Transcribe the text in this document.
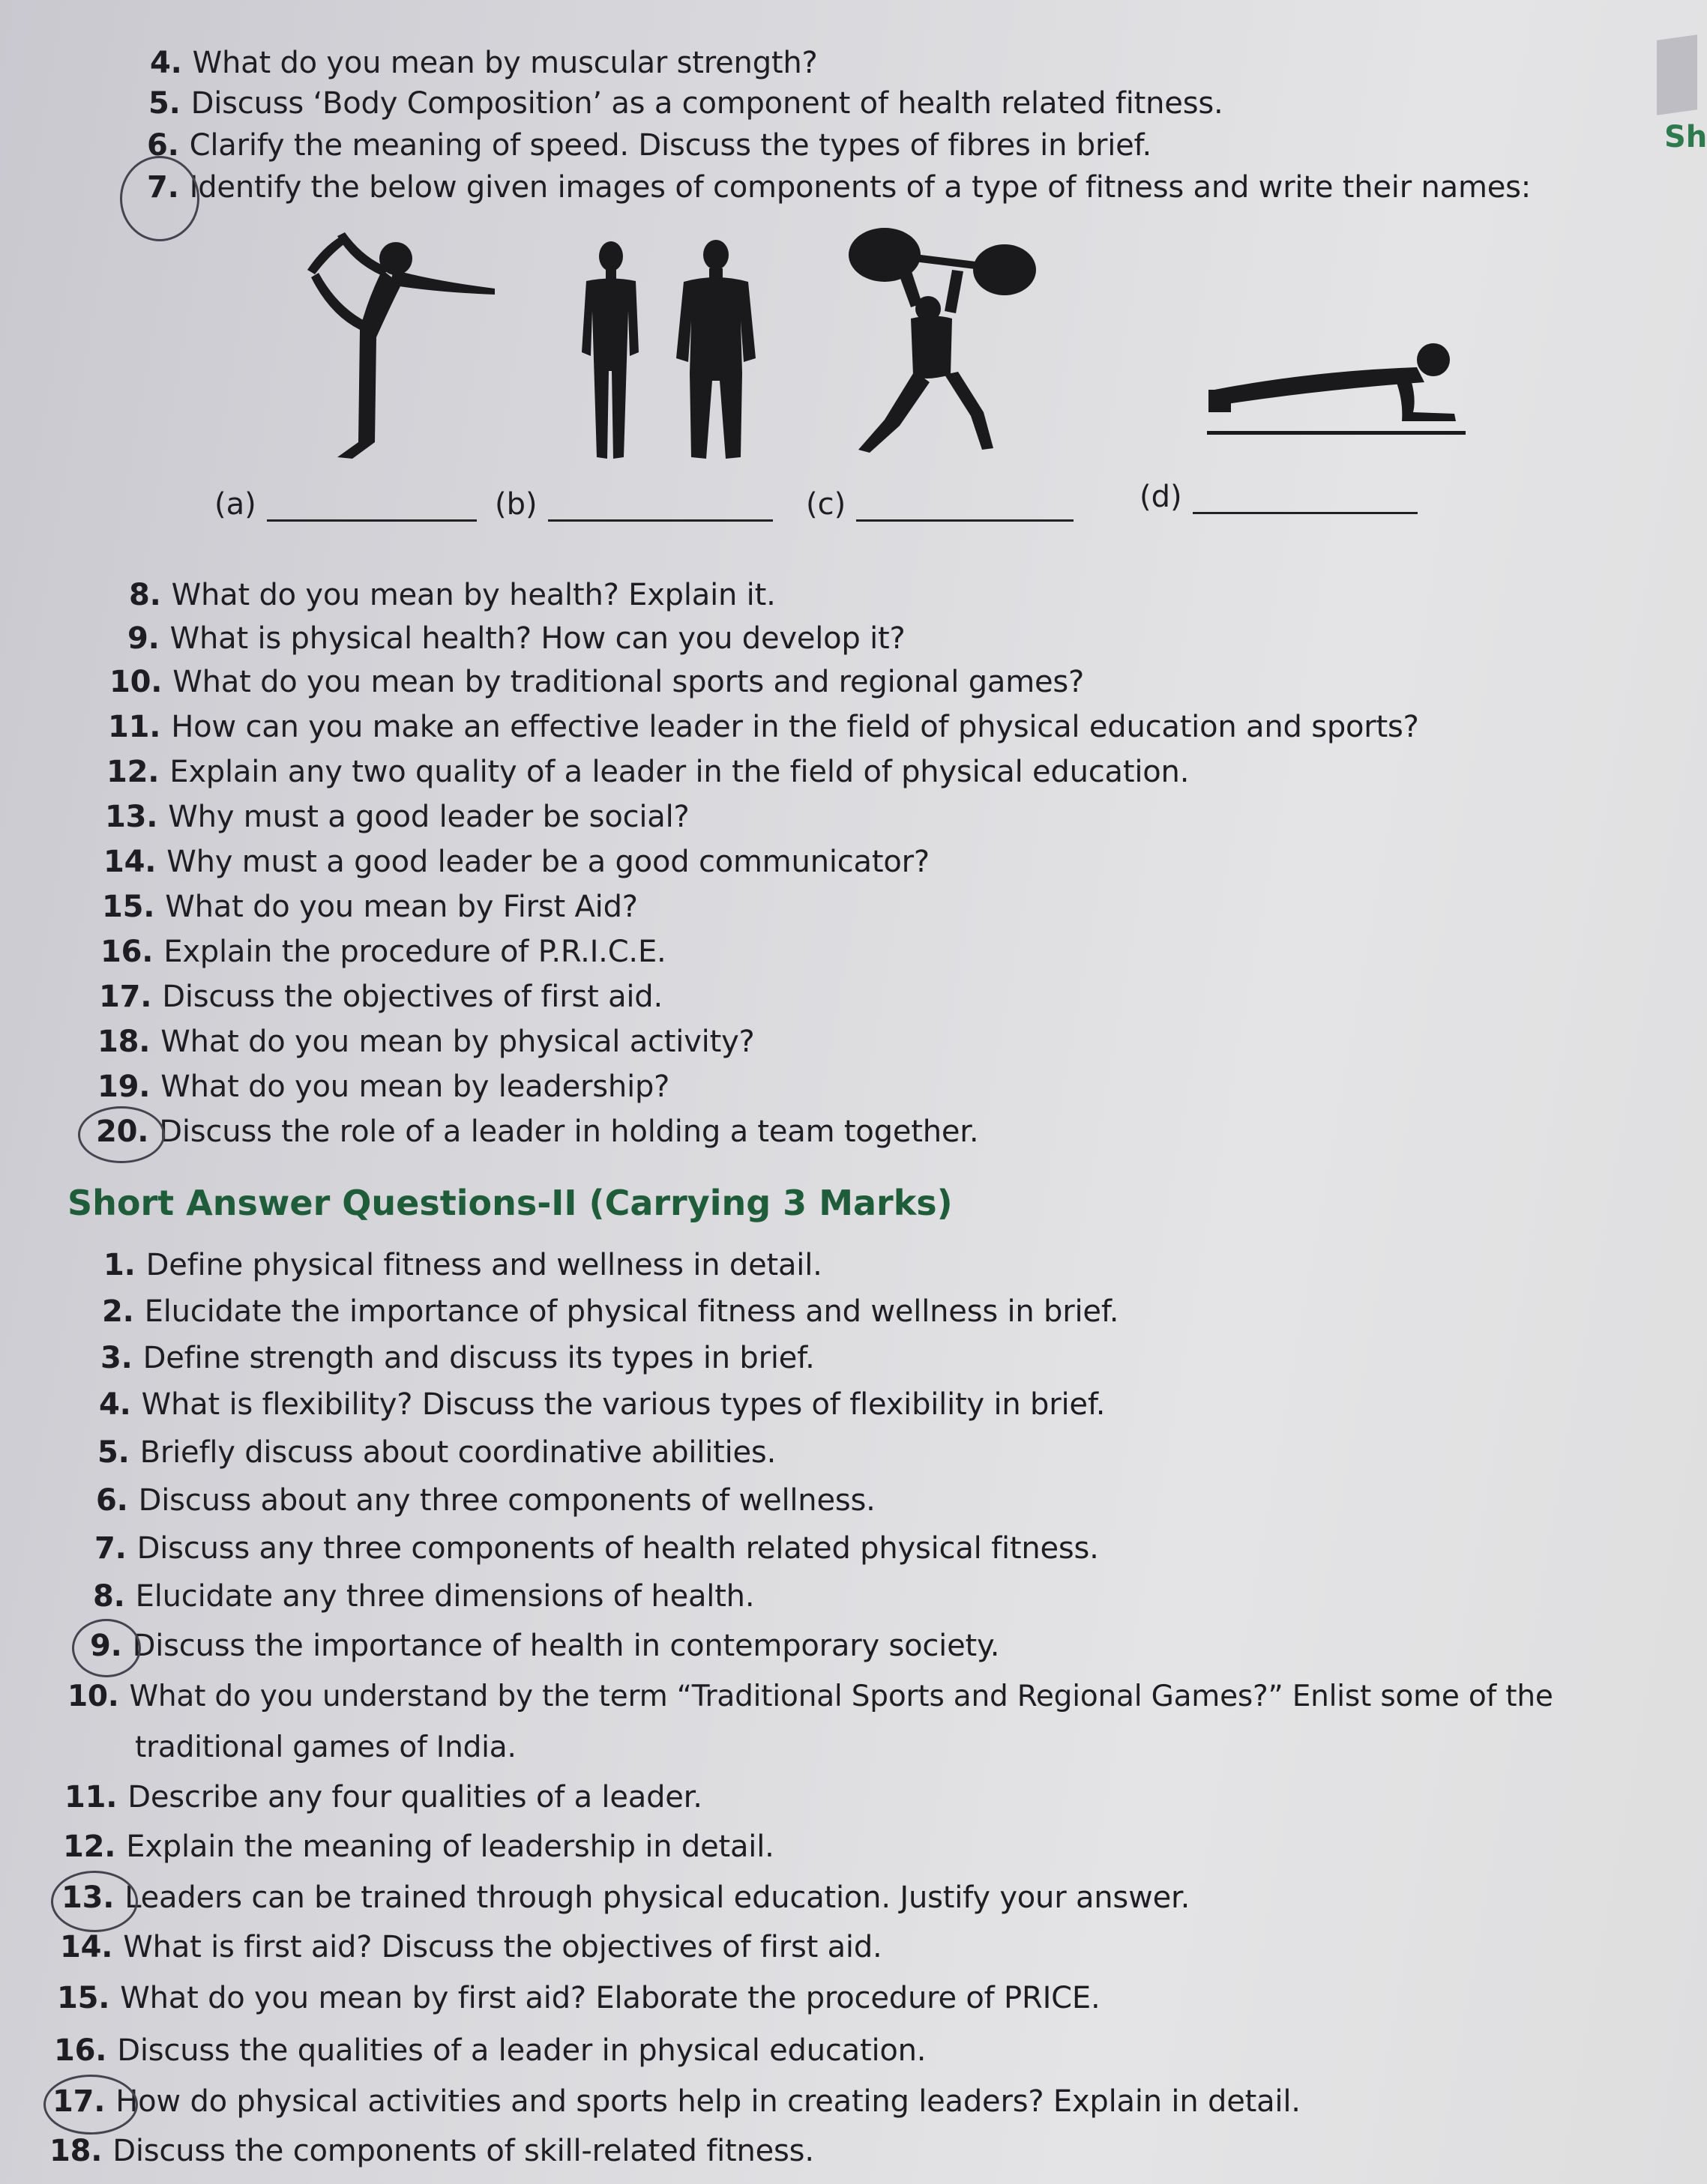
Sh
4. What do you mean by muscular strength?
5. Discuss ‘Body Composition’ as a component of health related fitness.
6. Clarify the meaning of speed. Discuss the types of fibres in brief.
7. Identify the below given images of components of a type of fitness and write their names:
(a)	(b)	(c)	(d)
8. What do you mean by health? Explain it.
9. What is physical health? How can you develop it?
10. What do you mean by traditional sports and regional games?
11. How can you make an effective leader in the field of physical education and sports?
12. Explain any two quality of a leader in the field of physical education.
13. Why must a good leader be social?
14. Why must a good leader be a good communicator?
15. What do you mean by First Aid?
16. Explain the procedure of P.R.I.C.E.
17. Discuss the objectives of first aid.
18. What do you mean by physical activity?
19. What do you mean by leadership?
20. Discuss the role of a leader in holding a team together.
Short Answer Questions-II (Carrying 3 Marks)
1. Define physical fitness and wellness in detail.
2. Elucidate the importance of physical fitness and wellness in brief.
3. Define strength and discuss its types in brief.
4. What is flexibility? Discuss the various types of flexibility in brief.
5. Briefly discuss about coordinative abilities.
6. Discuss about any three components of wellness.
7. Discuss any three components of health related physical fitness.
8. Elucidate any three dimensions of health.
9. Discuss the importance of health in contemporary society.
10. What do you understand by the term “Traditional Sports and Regional Games?” Enlist some of the
traditional games of India.
11. Describe any four qualities of a leader.
12. Explain the meaning of leadership in detail.
13. Leaders can be trained through physical education. Justify your answer.
14. What is first aid? Discuss the objectives of first aid.
15. What do you mean by first aid? Elaborate the procedure of PRICE.
16. Discuss the qualities of a leader in physical education.
17. How do physical activities and sports help in creating leaders? Explain in detail.
18. Discuss the components of skill-related fitness.
